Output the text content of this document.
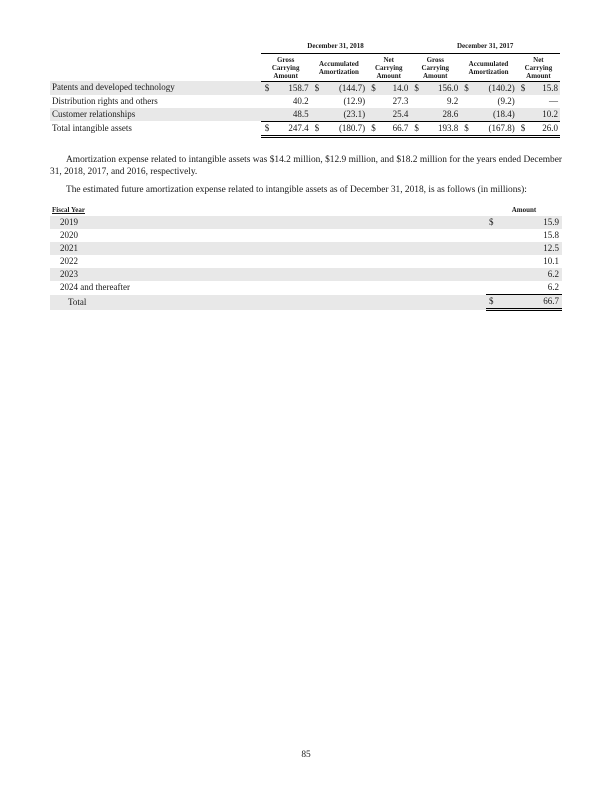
	December 31, 2018						December 31, 2017					
	Gross Carrying Amount		Accumulated Amortization		Net Carrying Amount		Gross Carrying Amount		Accumulated Amortization		Net Carrying Amount	
Patents and developed technology	$	158.7	$	(144.7)	$	14.0	$	156.0	$	(140.2)	$	15.8
Distribution rights and others		40.2		(12.9)		27.3		9.2		(9.2)		—
Customer relationships		48.5		(23.1)		25.4		28.6		(18.4)		10.2
Total intangible assets	$	247.4	$	(180.7)	$	66.7	$	193.8	$	(167.8)	$	26.0
Amortization expense related to intangible assets was $14.2 million, $12.9 million, and $18.2 million for the years ended December 31, 2018, 2017, and 2016, respectively.
The estimated future amortization expense related to intangible assets as of December 31, 2018, is as follows (in millions):
Fiscal Year	Amount	
2019	$	15.9
2020		15.8
2021		12.5
2022		10.1
2023		6.2
2024 and thereafter		6.2
Total	$	66.7
85
